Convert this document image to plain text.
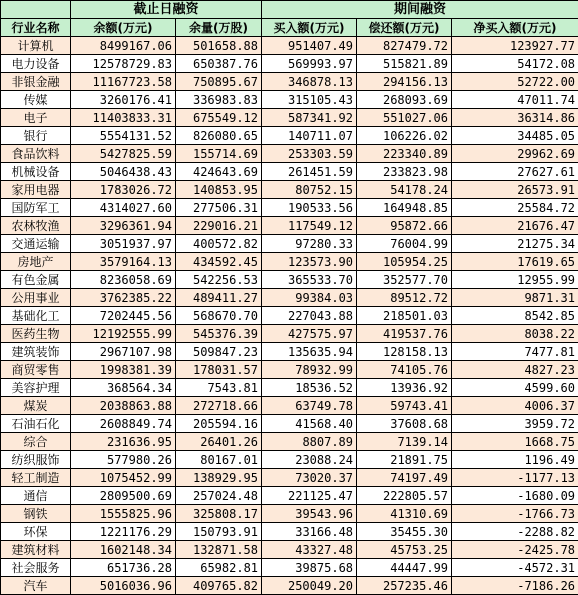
	截止日融资		期间融资		
行业名称	余额(万元)	余量(万股)	买入额(万元)	偿还额(万元)	净买入额(万元)
计算机	8499167.06	501658.88	951407.49	827479.72	123927.77
电力设备	12578729.83	650387.76	569993.97	515821.89	54172.08
非银金融	11167723.58	750895.67	346878.13	294156.13	52722.00
传媒	3260176.41	336983.83	315105.43	268093.69	47011.74
电子	11403833.31	675549.12	587341.92	551027.06	36314.86
银行	5554131.52	826080.65	140711.07	106226.02	34485.05
食品饮料	5427825.59	155714.69	253303.59	223340.89	29962.69
机械设备	5046438.43	424643.69	261451.59	233823.98	27627.61
家用电器	1783026.72	140853.95	80752.15	54178.24	26573.91
国防军工	4314027.60	277506.31	190533.56	164948.85	25584.72
农林牧渔	3296361.94	229016.21	117549.12	95872.66	21676.47
交通运输	3051937.97	400572.82	97280.33	76004.99	21275.34
房地产	3579164.13	434592.45	123573.90	105954.25	17619.65
有色金属	8236058.69	542256.53	365533.70	352577.70	12955.99
公用事业	3762385.22	489411.27	99384.03	89512.72	9871.31
基础化工	7202445.56	568670.70	227043.88	218501.03	8542.85
医药生物	12192555.99	545376.39	427575.97	419537.76	8038.22
建筑装饰	2967107.98	509847.23	135635.94	128158.13	7477.81
商贸零售	1998381.39	178031.57	78932.99	74105.76	4827.23
美容护理	368564.34	7543.81	18536.52	13936.92	4599.60
煤炭	2038863.88	272718.66	63749.78	59743.41	4006.37
石油石化	2608849.74	205594.16	41568.40	37608.68	3959.72
综合	231636.95	26401.26	8807.89	7139.14	1668.75
纺织服饰	577980.26	80167.01	23088.24	21891.75	1196.49
轻工制造	1075452.99	138929.95	73020.37	74197.49	-1177.13
通信	2809500.69	257024.48	221125.47	222805.57	-1680.09
钢铁	1555825.96	325808.17	39543.96	41310.69	-1766.73
环保	1221176.29	150793.91	33166.48	35455.30	-2288.82
建筑材料	1602148.34	132871.58	43327.48	45753.25	-2425.78
社会服务	651736.28	65982.81	39875.68	44447.99	-4572.31
汽车	5016036.96	409765.82	250049.20	257235.46	-7186.26
